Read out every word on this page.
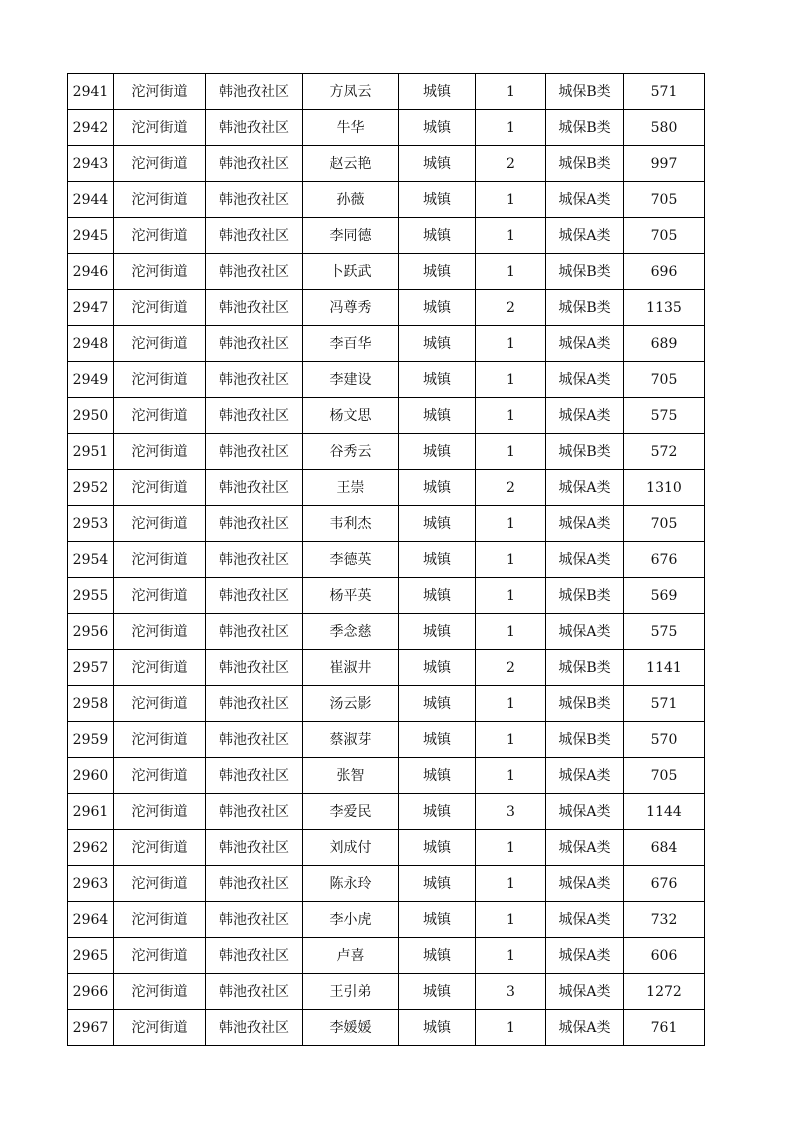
2941	沱河街道	韩池孜社区	方凤云	城镇	1	城保B类	571
2942	沱河街道	韩池孜社区	牛华	城镇	1	城保B类	580
2943	沱河街道	韩池孜社区	赵云艳	城镇	2	城保B类	997
2944	沱河街道	韩池孜社区	孙薇	城镇	1	城保A类	705
2945	沱河街道	韩池孜社区	李同德	城镇	1	城保A类	705
2946	沱河街道	韩池孜社区	卜跃武	城镇	1	城保B类	696
2947	沱河街道	韩池孜社区	冯尊秀	城镇	2	城保B类	1135
2948	沱河街道	韩池孜社区	李百华	城镇	1	城保A类	689
2949	沱河街道	韩池孜社区	李建设	城镇	1	城保A类	705
2950	沱河街道	韩池孜社区	杨文思	城镇	1	城保A类	575
2951	沱河街道	韩池孜社区	谷秀云	城镇	1	城保B类	572
2952	沱河街道	韩池孜社区	王崇	城镇	2	城保A类	1310
2953	沱河街道	韩池孜社区	韦利杰	城镇	1	城保A类	705
2954	沱河街道	韩池孜社区	李德英	城镇	1	城保A类	676
2955	沱河街道	韩池孜社区	杨平英	城镇	1	城保B类	569
2956	沱河街道	韩池孜社区	季念慈	城镇	1	城保A类	575
2957	沱河街道	韩池孜社区	崔淑井	城镇	2	城保B类	1141
2958	沱河街道	韩池孜社区	汤云影	城镇	1	城保B类	571
2959	沱河街道	韩池孜社区	蔡淑芽	城镇	1	城保B类	570
2960	沱河街道	韩池孜社区	张智	城镇	1	城保A类	705
2961	沱河街道	韩池孜社区	李爱民	城镇	3	城保A类	1144
2962	沱河街道	韩池孜社区	刘成付	城镇	1	城保A类	684
2963	沱河街道	韩池孜社区	陈永玲	城镇	1	城保A类	676
2964	沱河街道	韩池孜社区	李小虎	城镇	1	城保A类	732
2965	沱河街道	韩池孜社区	卢喜	城镇	1	城保A类	606
2966	沱河街道	韩池孜社区	王引弟	城镇	3	城保A类	1272
2967	沱河街道	韩池孜社区	李媛媛	城镇	1	城保A类	761
